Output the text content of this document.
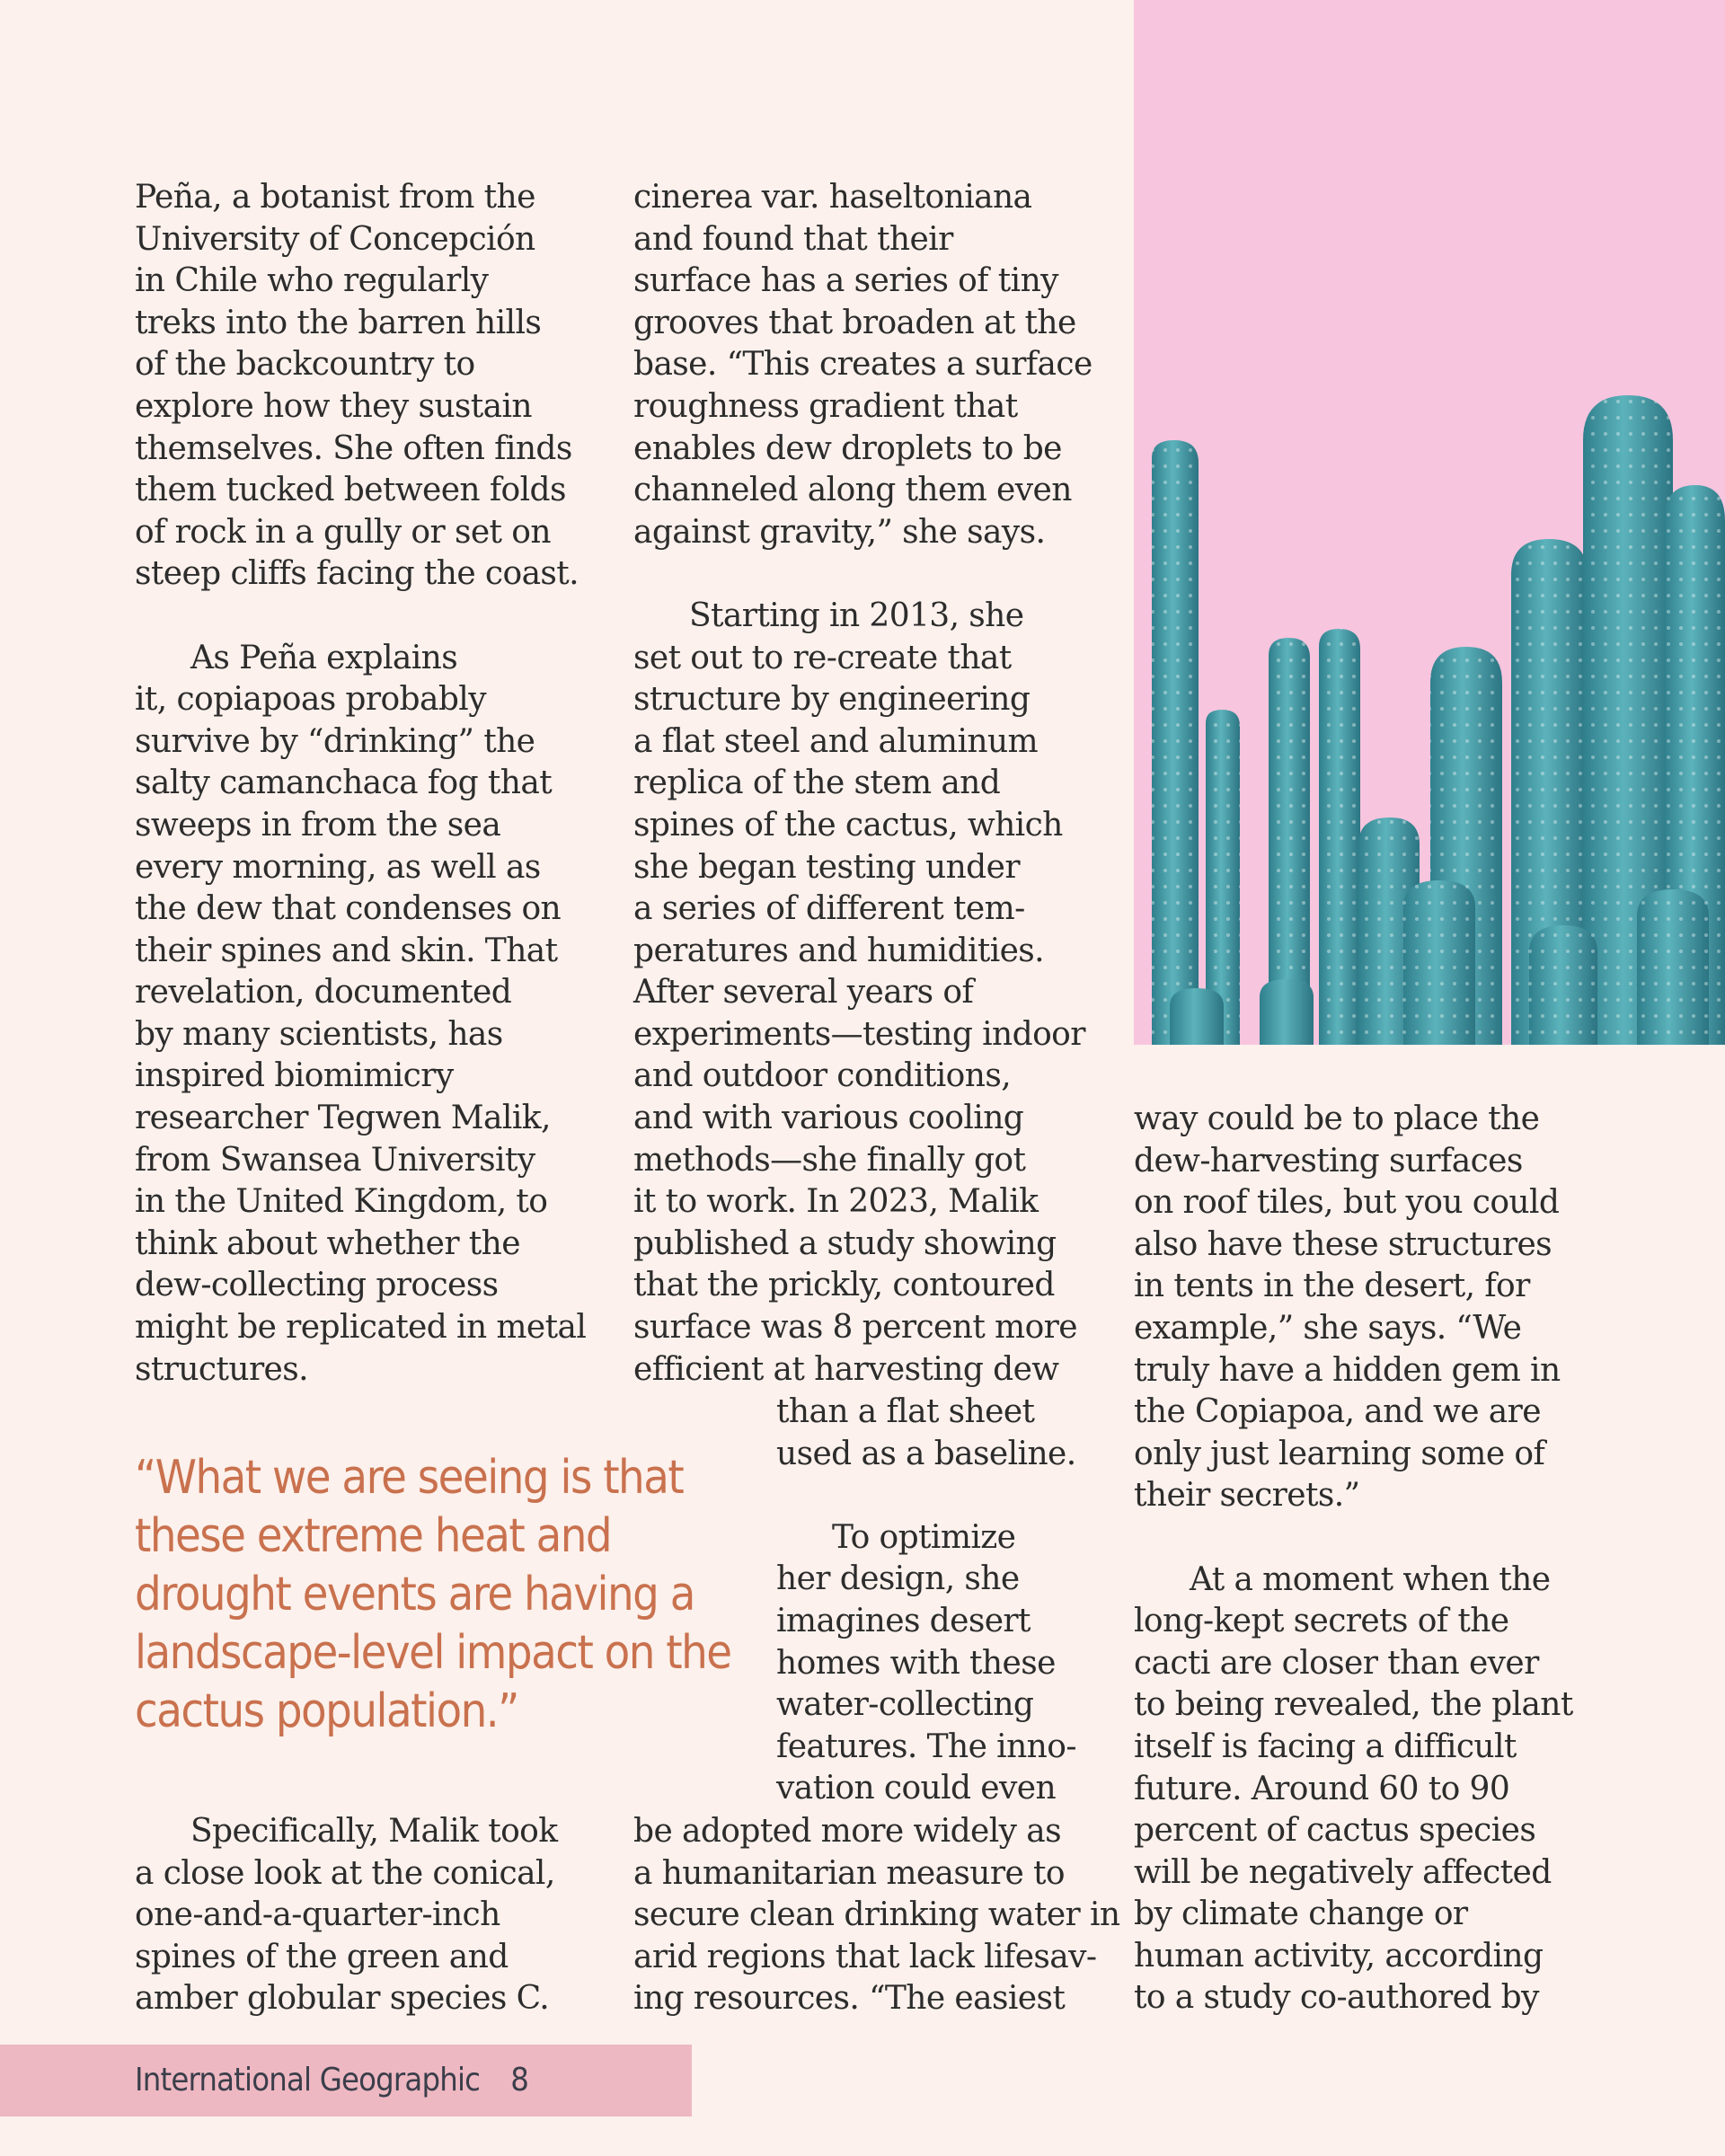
Peña, a botanist from the
University of Concepción
in Chile who regularly
treks into the barren hills
of the backcountry to
explore how they sustain
themselves. She often finds
them tucked between folds
of rock in a gully or set on
steep cliffs facing the coast.

As Peña explains
it, copiapoas probably
survive by “drinking” the
salty camanchaca fog that
sweeps in from the sea
every morning, as well as
the dew that condenses on
their spines and skin. That
revelation, documented
by many scientists, has
inspired biomimicry
researcher Tegwen Malik,
from Swansea University
in the United Kingdom, to
think about whether the
dew-collecting process
might be replicated in metal
structures.

“What we are seeing is that
these extreme heat and
drought events are having a
landscape-level impact on the
cactus population.”

Specifically, Malik took
a close look at the conical,
one-and-a-quarter-inch
spines of the green and
amber globular species C.

cinerea var. haseltoniana
and found that their
surface has a series of tiny
grooves that broaden at the
base. “This creates a surface
roughness gradient that
enables dew droplets to be
channeled along them even
against gravity,” she says.

Starting in 2013, she
set out to re-create that
structure by engineering
a flat steel and aluminum
replica of the stem and
spines of the cactus, which
she began testing under
a series of different tem-
peratures and humidities.
After several years of
experiments—testing indoor
and outdoor conditions,
and with various cooling
methods—she finally got
it to work. In 2023, Malik
published a study showing
that the prickly, contoured
surface was 8 percent more
efficient at harvesting dew

than a flat sheet
used as a baseline.

To optimize
her design, she
imagines desert
homes with these
water-collecting
features. The inno-
vation could even

be adopted more widely as
a humanitarian measure to
secure clean drinking water in
arid regions that lack lifesav-
ing resources. “The easiest

way could be to place the
dew-harvesting surfaces
on roof tiles, but you could
also have these structures
in tents in the desert, for
example,” she says. “We
truly have a hidden gem in
the Copiapoa, and we are
only just learning some of
their secrets.”

At a moment when the
long-kept secrets of the
cacti are closer than ever
to being revealed, the plant
itself is facing a difficult
future. Around 60 to 90
percent of cactus species
will be negatively affected
by climate change or
human activity, according
to a study co-authored by

International Geographic 8
